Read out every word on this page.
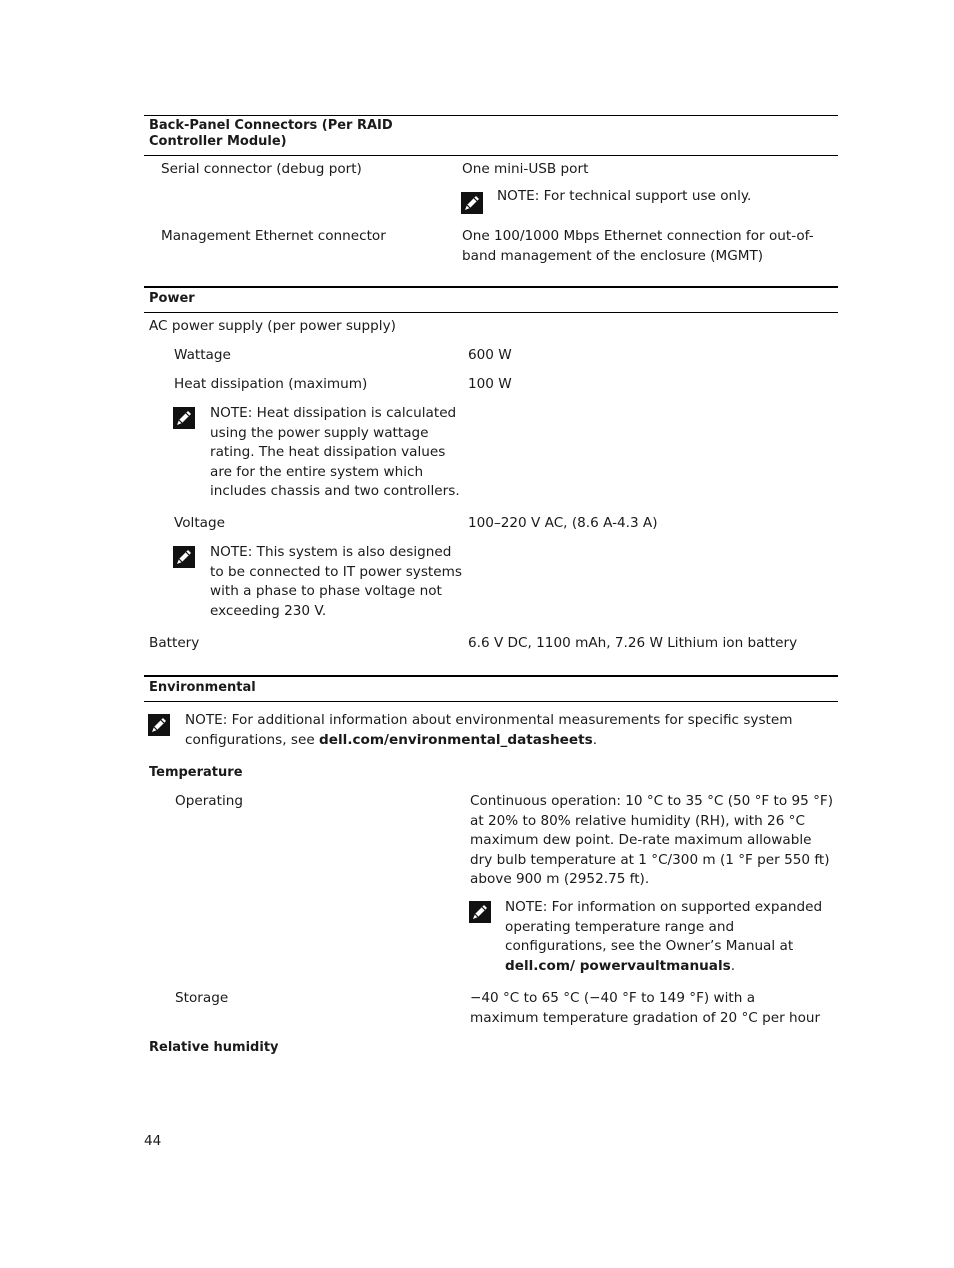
Back-Panel Connectors (Per RAID Controller Module)
Serial connector (debug port)	One mini-USB port
NOTE: For technical support use only.
Management Ethernet connector	One 100/1000 Mbps Ethernet connection for out-of-band management of the enclosure (MGMT)
Power
AC power supply (per power supply)
Wattage	600 W
Heat dissipation (maximum)	100 W
NOTE: Heat dissipation is calculated using the power supply wattage rating. The heat dissipation values are for the entire system which includes chassis and two controllers.
Voltage	100–220 V AC, (8.6 A-4.3 A)
NOTE: This system is also designed to be connected to IT power systems with a phase to phase voltage not exceeding 230 V.
Battery	6.6 V DC, 1100 mAh, 7.26 W Lithium ion battery
Environmental
NOTE: For additional information about environmental measurements for specific system configurations, see dell.com/environmental_datasheets.
Temperature
Operating	Continuous operation: 10 °C to 35 °C (50 °F to 95 °F) at 20% to 80% relative humidity (RH), with 26 °C maximum dew point. De-rate maximum allowable dry bulb temperature at 1 °C/300 m (1 °F per 550 ft) above 900 m (2952.75 ft).
NOTE: For information on supported expanded operating temperature range and configurations, see the Owner’s Manual at dell.com/ powervaultmanuals.
Storage	−40 °C to 65 °C (−40 °F to 149 °F) with a maximum temperature gradation of 20 °C per hour
Relative humidity
44
